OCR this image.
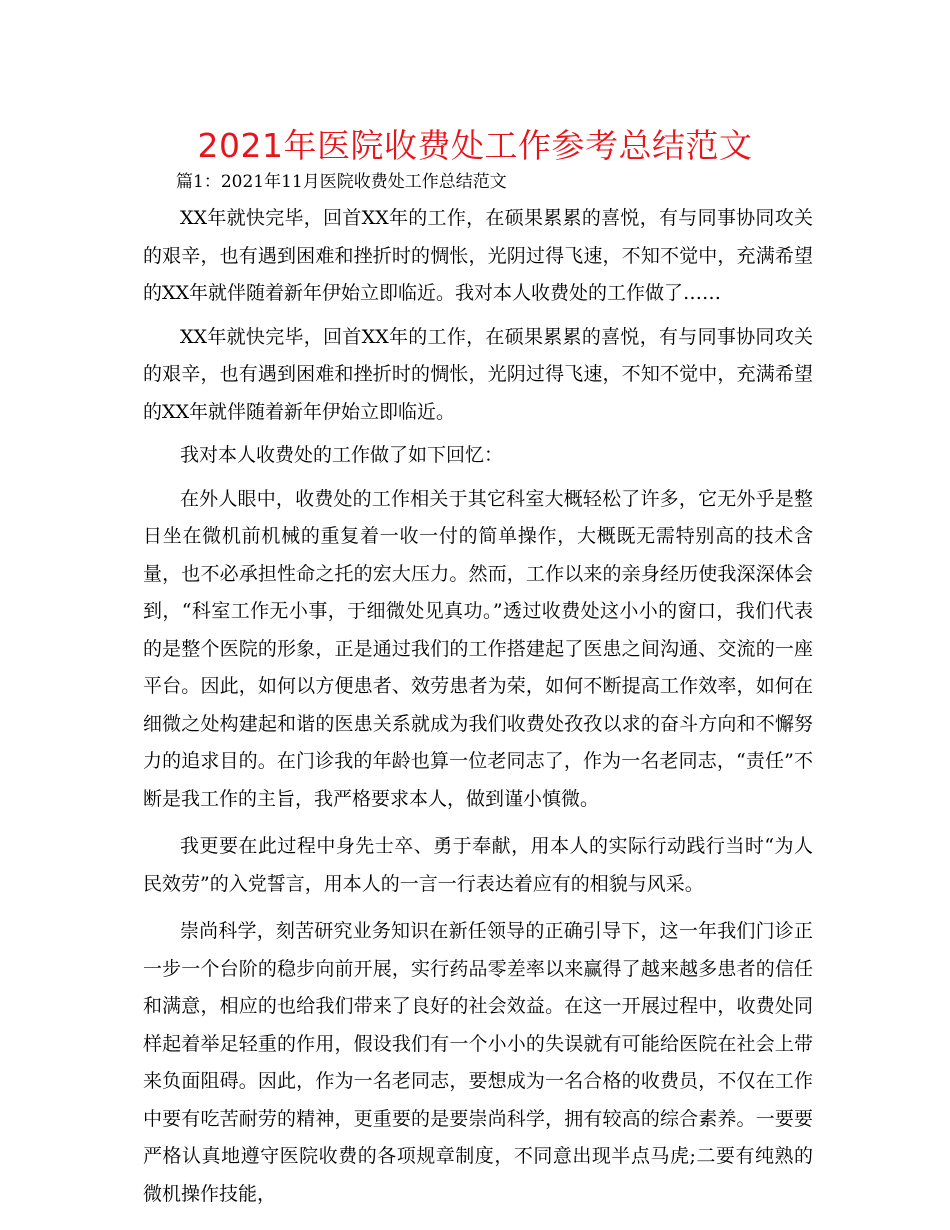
2021年医院收费处工作参考总结范文
篇1：2021年11月医院收费处工作总结范文

XX年就快完毕，回首XX年的工作，在硕果累累的喜悦，有与同事协同攻关的艰辛，也有遇到困难和挫折时的惆怅，光阴过得飞速，不知不觉中，充满希望的XX年就伴随着新年伊始立即临近。我对本人收费处的工作做了……

XX年就快完毕，回首XX年的工作，在硕果累累的喜悦，有与同事协同攻关的艰辛，也有遇到困难和挫折时的惆怅，光阴过得飞速，不知不觉中，充满希望的XX年就伴随着新年伊始立即临近。

我对本人收费处的工作做了如下回忆：

在外人眼中，收费处的工作相关于其它科室大概轻松了许多，它无外乎是整日坐在微机前机械的重复着一收一付的简单操作，大概既无需特别高的技术含量，也不必承担性命之托的宏大压力。然而，工作以来的亲身经历使我深深体会到，“科室工作无小事，于细微处见真功。”透过收费处这小小的窗口，我们代表的是整个医院的形象，正是通过我们的工作搭建起了医患之间沟通、交流的一座平台。因此，如何以方便患者、效劳患者为荣，如何不断提高工作效率，如何在细微之处构建起和谐的医患关系就成为我们收费处孜孜以求的奋斗方向和不懈努力的追求目的。在门诊我的年龄也算一位老同志了，作为一名老同志，“责任”不断是我工作的主旨，我严格要求本人，做到谨小慎微。

我更要在此过程中身先士卒、勇于奉献，用本人的实际行动践行当时“为人民效劳”的入党誓言，用本人的一言一行表达着应有的相貌与风采。

崇尚科学，刻苦研究业务知识在新任领导的正确引导下，这一年我们门诊正一步一个台阶的稳步向前开展，实行药品零差率以来赢得了越来越多患者的信任和满意，相应的也给我们带来了良好的社会效益。在这一开展过程中，收费处同样起着举足轻重的作用，假设我们有一个小小的失误就有可能给医院在社会上带来负面阻碍。因此，作为一名老同志，要想成为一名合格的收费员，不仅在工作中要有吃苦耐劳的精神，更重要的是要崇尚科学，拥有较高的综合素养。一要要严格认真地遵守医院收费的各项规章制度，不同意出现半点马虎;二要有纯熟的微机操作技能，
